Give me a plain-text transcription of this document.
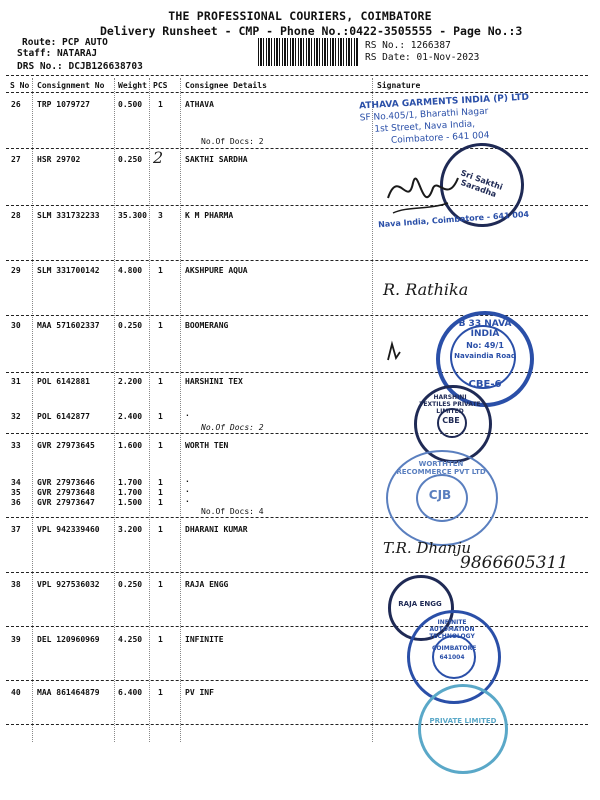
THE PROFESSIONAL COURIERS, COIMBATORE
Delivery Runsheet - CMP - Phone No.:0422-3505555 - Page No.:3
Route: PCP AUTO
Staff: NATARAJ
DRS No.: DCJB126638703
RS No.: 1266387
RS Date: 01-Nov-2023
S No Consignment No Weight PCS Consignee Details	Signature
26 TRP 1079727	0.500 1	ATHAVA
No.Of Docs: 2
27 HSR 29702	0.250 2	SAKTHI SARDHA
28 SLM 331732233 35.300 3	K M PHARMA
29 SLM 331700142 4.800 1	AKSHPURE AQUA
30 MAA 571602337 0.250 1	BOOMERANG
31 POL 6142881	2.200 1	HARSHINI TEX
32 POL 6142877	2.400 1	.
No.Of Docs: 2
33 GVR 27973645	1.600 1	WORTH TEN
34 GVR 27973646	1.700 1	.
35 GVR 27973648	1.700 1	.
36 GVR 27973647	1.500 1	.
No.Of Docs: 4
37 VPL 942339460 3.200 1	DHARANI KUMAR
38 VPL 927536032 0.250 1	RAJA ENGG
39 DEL 120960969 4.250 1	INFINITE
40 MAA 861464879 6.400 1	PV INF
ATHAVA GARMENTS INDIA (P) LTD
SF No.405/1, Bharathi Nagar
1st Street, Nava India,
Coimbatore - 641 004
Sri Sakthi Saradha
Nava India, Coimbatore - 641 004
R. Rathika
B 33 NAVA INDIA
No: 49/1
Navaindia Road
CBE-6
HARSHINI TEXTILES PRIVATE LIMITED
CBE
WORTHTEN RECOMMERCE PVT LTD
CJB
T.R. Dhanju
9866605311
RAJA ENGG
INFINITE AUTOMATION TECHNOLOGY
COIMBATORE
641004
PRIVATE LIMITED
